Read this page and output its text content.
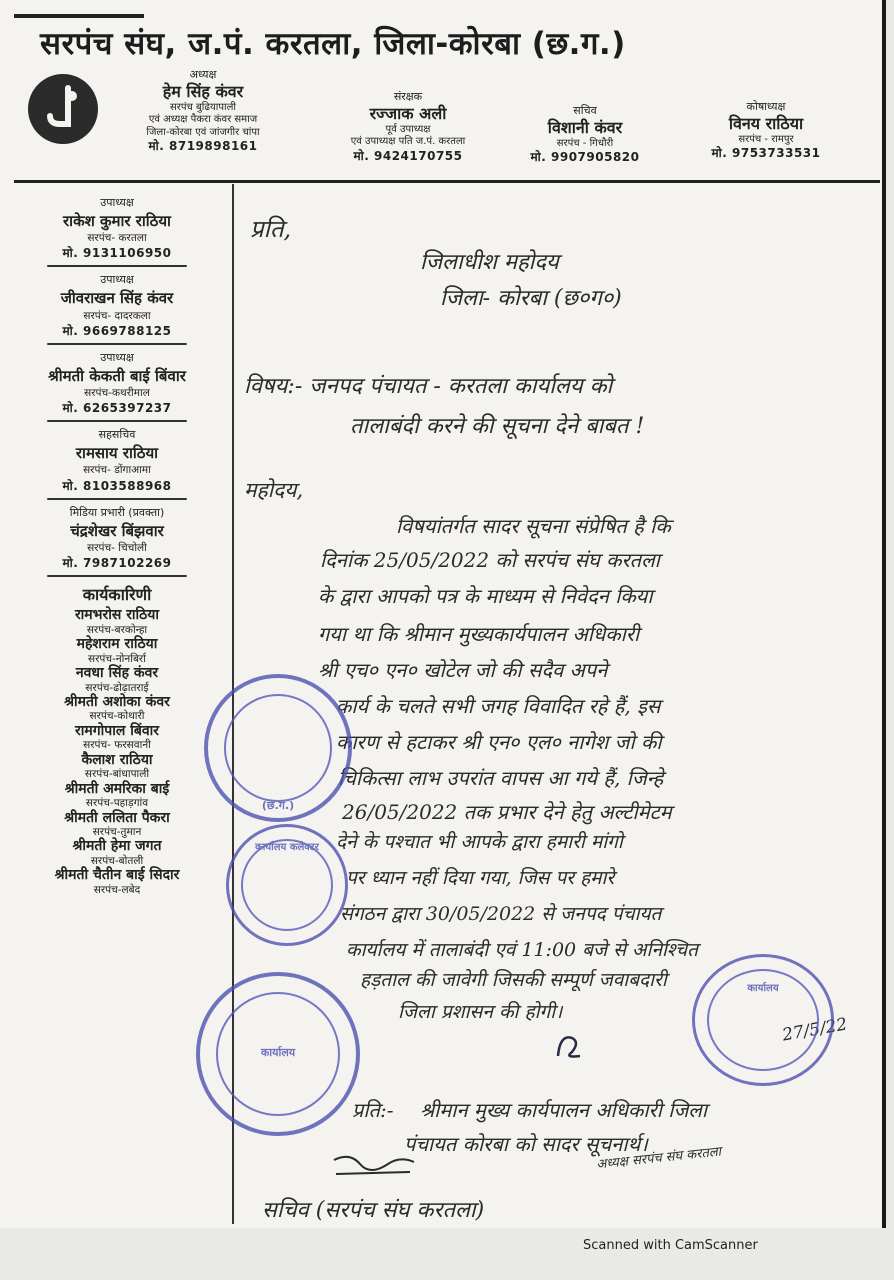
सरपंच संघ, ज.पं. करतला, जिला-कोरबा (छ.ग.)
अध्यक्ष
हेम सिंह कंवर
सरपंच बुढियापाली
एवं अध्यक्ष पैकरा कंवर समाज
जिला-कोरबा एवं जांजगीर चांपा
मो. 8719898161
संरक्षक
रज्जाक अली
पूर्व उपाध्यक्ष
एवं उपाध्यक्ष पति ज.पं. करतला
मो. 9424170755
सचिव
विशानी कंवर
सरपंच - गिधौरी
मो. 9907905820
कोषाध्यक्ष
विनय राठिया
सरपंच - रामपुर
मो. 9753733531
उपाध्यक्ष
राकेश कुमार राठिया
सरपंच- करतला
मो. 9131106950
उपाध्यक्ष
जीवराखन सिंह कंवर
सरपंच- दादरकला
मो. 9669788125
उपाध्यक्ष
श्रीमती केकती बाई बिंवार
सरपंच-कथरीमाल
मो. 6265397237
सहसचिव
रामसाय राठिया
सरपंच- डोंगाआमा
मो. 8103588968
मिडिया प्रभारी (प्रवक्ता)
चंद्रशेखर बिंझवार
सरपंच- चिचोली
मो. 7987102269
कार्यकारिणी
रामभरोस राठिया
सरपंच-बरकोन्हा
महेशराम राठिया
सरपंच-नोनबिर्रा
नवधा सिंह कंवर
सरपंच-ढोढ़ातराई
श्रीमती अशोका कंवर
सरपंच-कोथारी
रामगोपाल बिंवार
सरपंच- फरसवानी
कैलाश राठिया
सरपंच-बांधापाली
श्रीमती अमरिका बाई
सरपंच-पहाड़गांव
श्रीमती ललिता पैकरा
सरपंच-तुमान
श्रीमती हेमा जगत
सरपंच-बोतली
श्रीमती चैतीन बाई सिदार
सरपंच-लबेद
प्रति,
जिलाधीश महोदय
जिला- कोरबा (छ०ग०)
विषय:- जनपद पंचायत - करतला कार्यालय को
तालाबंदी करने की सूचना देने बाबत !
महोदय,
विषयांतर्गत सादर सूचना संप्रेषित है कि
दिनांक 25/05/2022 को सरपंच संघ करतला
के द्वारा आपको पत्र के माध्यम से निवेदन किया
गया था कि श्रीमान मुख्यकार्यपालन अधिकारी
श्री एच० एन० खोटेल जो की सदैव अपने
कार्य के चलते सभी जगह विवादित रहे हैं, इस
कारण से हटाकर श्री एन० एल० नागेश जो की
चिकित्सा लाभ उपरांत वापस आ गये हैं, जिन्हे
26/05/2022 तक प्रभार देने हेतु अल्टीमेटम
देने के पश्चात भी आपके द्वारा हमारी मांगो
पर ध्यान नहीं दिया गया, जिस पर हमारे
संगठन द्वारा 30/05/2022 से जनपद पंचायत
कार्यालय में तालाबंदी एवं 11:00 बजे से अनिश्चित
हड़ताल की जावेगी जिसकी सम्पूर्ण जवाबदारी
जिला प्रशासन की होगी।
प्रति:- श्रीमान मुख्य कार्यपालन अधिकारी जिला
पंचायत कोरबा को सादर सूचनार्थ।
सचिव (सरपंच संघ करतला)
अध्यक्ष सरपंच संघ करतला
27/5/22
(छ.ग.)
कार्यालय कलेक्टर
कार्यालय
कार्यालय
Scanned with CamScanner
